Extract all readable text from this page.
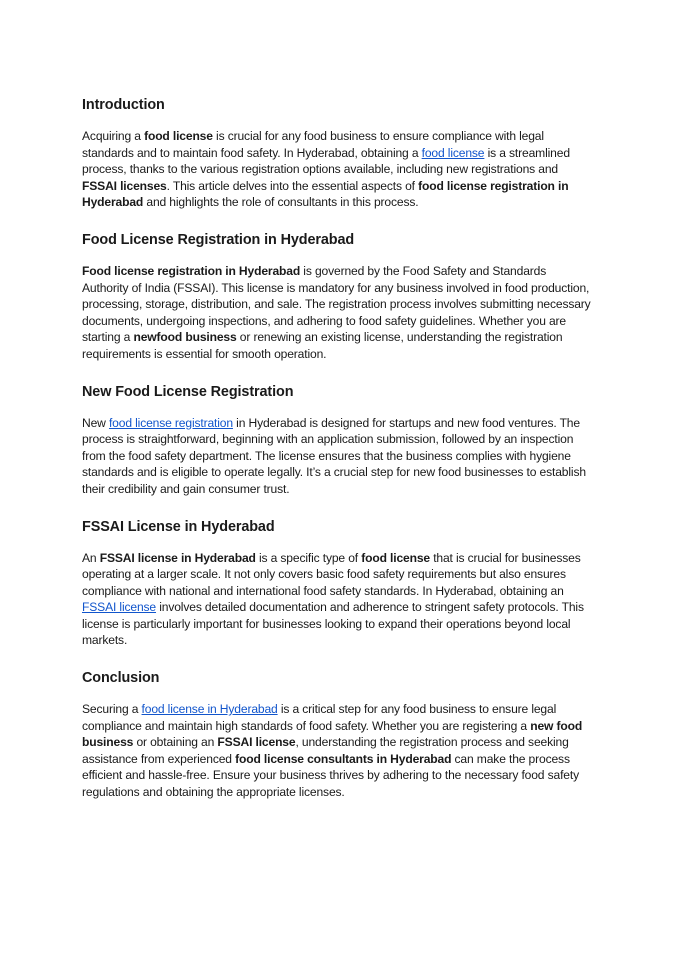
Introduction

Acquiring a food license is crucial for any food business to ensure compliance with legal standards and to maintain food safety. In Hyderabad, obtaining a food license is a streamlined process, thanks to the various registration options available, including new registrations and FSSAI licenses. This article delves into the essential aspects of food license registration in Hyderabad and highlights the role of consultants in this process.

Food License Registration in Hyderabad

Food license registration in Hyderabad is governed by the Food Safety and Standards Authority of India (FSSAI). This license is mandatory for any business involved in food production, processing, storage, distribution, and sale. The registration process involves submitting necessary documents, undergoing inspections, and adhering to food safety guidelines. Whether you are starting a newfood business or renewing an existing license, understanding the registration requirements is essential for smooth operation.

New Food License Registration

New food license registration in Hyderabad is designed for startups and new food ventures. The process is straightforward, beginning with an application submission, followed by an inspection from the food safety department. The license ensures that the business complies with hygiene standards and is eligible to operate legally. It’s a crucial step for new food businesses to establish their credibility and gain consumer trust.

FSSAI License in Hyderabad

An FSSAI license in Hyderabad is a specific type of food license that is crucial for businesses operating at a larger scale. It not only covers basic food safety requirements but also ensures compliance with national and international food safety standards. In Hyderabad, obtaining an FSSAI license involves detailed documentation and adherence to stringent safety protocols. This license is particularly important for businesses looking to expand their operations beyond local markets.

Conclusion

Securing a food license in Hyderabad is a critical step for any food business to ensure legal compliance and maintain high standards of food safety. Whether you are registering a new food business or obtaining an FSSAI license, understanding the registration process and seeking assistance from experienced food license consultants in Hyderabad can make the process efficient and hassle-free. Ensure your business thrives by adhering to the necessary food safety regulations and obtaining the appropriate licenses.
